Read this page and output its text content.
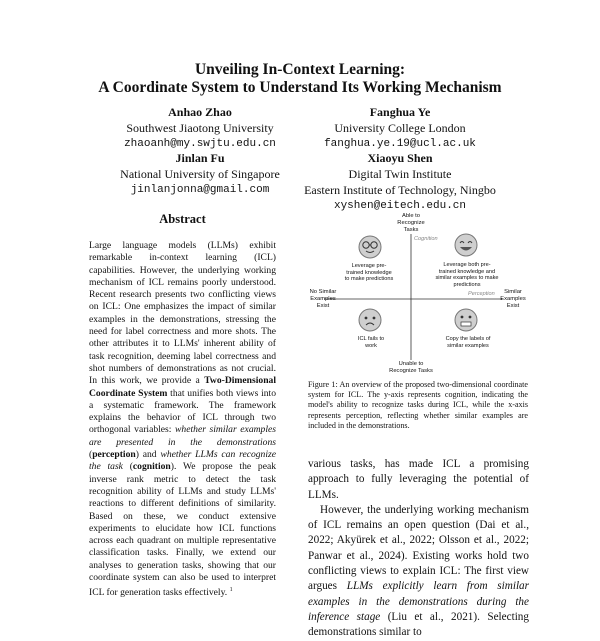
Unveiling In-Context Learning:
A Coordinate System to Understand Its Working Mechanism
Anhao Zhao
Southwest Jiaotong University
zhaoanh@my.swjtu.edu.cn
Fanghua Ye
University College London
fanghua.ye.19@ucl.ac.uk
Jinlan Fu
National University of Singapore
jinlanjonna@gmail.com
Xiaoyu Shen
Digital Twin Institute
Eastern Institute of Technology, Ningbo
xyshen@eitech.edu.cn
Abstract

Large language models (LLMs) exhibit remarkable in-context learning (ICL) capabilities. However, the underlying working mechanism of ICL remains poorly understood. Recent research presents two conflicting views on ICL: One emphasizes the impact of similar examples in the demonstrations, stressing the need for label correctness and more shots. The other attributes it to LLMs' inherent ability of task recognition, deeming label correctness and shot numbers of demonstrations as not crucial. In this work, we provide a Two-Dimensional Coordinate System that unifies both views into a systematic framework. The framework explains the behavior of ICL through two orthogonal variables: whether similar examples are presented in the demonstrations (perception) and whether LLMs can recognize the task (cognition). We propose the peak inverse rank metric to detect the task recognition ability of LLMs and study LLMs' reactions to different definitions of similarity. Based on these, we conduct extensive experiments to elucidate how ICL functions across each quadrant on multiple representative classification tasks. Finally, we extend our analyses to generation tasks, showing that our coordinate system can also be used to interpret ICL for generation tasks effectively. $^1$

Able to
Recognize Tasks
Cognition
Perception
Unable to
Recognize Tasks
No Similar
Examples
Exist
Similar
Examples
Exist
Leverage pre-
trained knowledge
to make predictions
Leverage both pre-
trained knowledge and
similar examples to make
predictions
ICL fails to
work
Copy the labels of
similar examples
Figure 1: An overview of the proposed two-dimensional coordinate system for ICL. The y-axis represents cognition, indicating the model's ability to recognize tasks during ICL, while the x-axis represents perception, reflecting whether similar examples are included in the demonstrations.

various tasks, has made ICL a promising approach to fully leveraging the potential of LLMs.

However, the underlying working mechanism of ICL remains an open question (Dai et al., 2022; Akyürek et al., 2022; Olsson et al., 2022; Panwar et al., 2024). Existing works hold two conflicting views to explain ICL: The first view argues LLMs explicitly learn from similar examples in the demonstrations during the inference stage (Liu et al., 2021). Selecting demonstrations similar to
